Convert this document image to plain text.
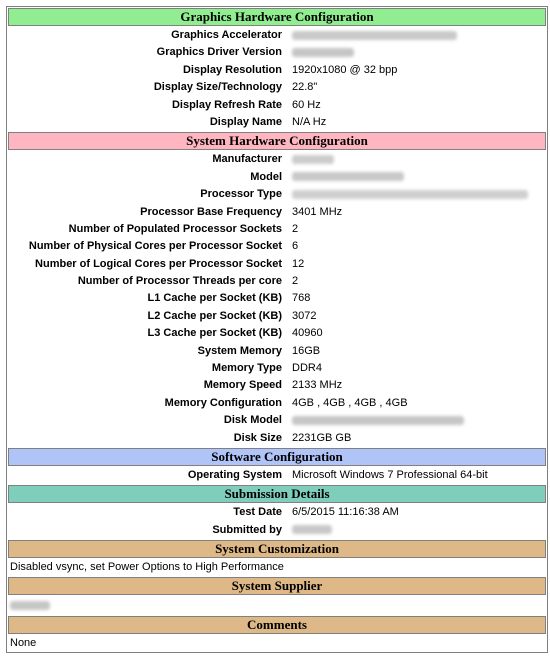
Graphics Hardware Configuration
Graphics Accelerator
Graphics Driver Version
Display Resolution 1920x1080 @ 32 bpp
Display Size/Technology 22.8"
Display Refresh Rate 60 Hz
Display Name N/A Hz
System Hardware Configuration
Manufacturer
Model
Processor Type
Processor Base Frequency 3401 MHz
Number of Populated Processor Sockets 2
Number of Physical Cores per Processor Socket 6
Number of Logical Cores per Processor Socket 12
Number of Processor Threads per core 2
L1 Cache per Socket (KB) 768
L2 Cache per Socket (KB) 3072
L3 Cache per Socket (KB) 40960
System Memory 16GB
Memory Type DDR4
Memory Speed 2133 MHz
Memory Configuration 4GB , 4GB , 4GB , 4GB
Disk Model
Disk Size 2231GB GB
Software Configuration
Operating System Microsoft Windows 7 Professional 64-bit
Submission Details
Test Date 6/5/2015 11:16:38 AM
Submitted by
System Customization
Disabled vsync, set Power Options to High Performance
System Supplier
Comments
None
